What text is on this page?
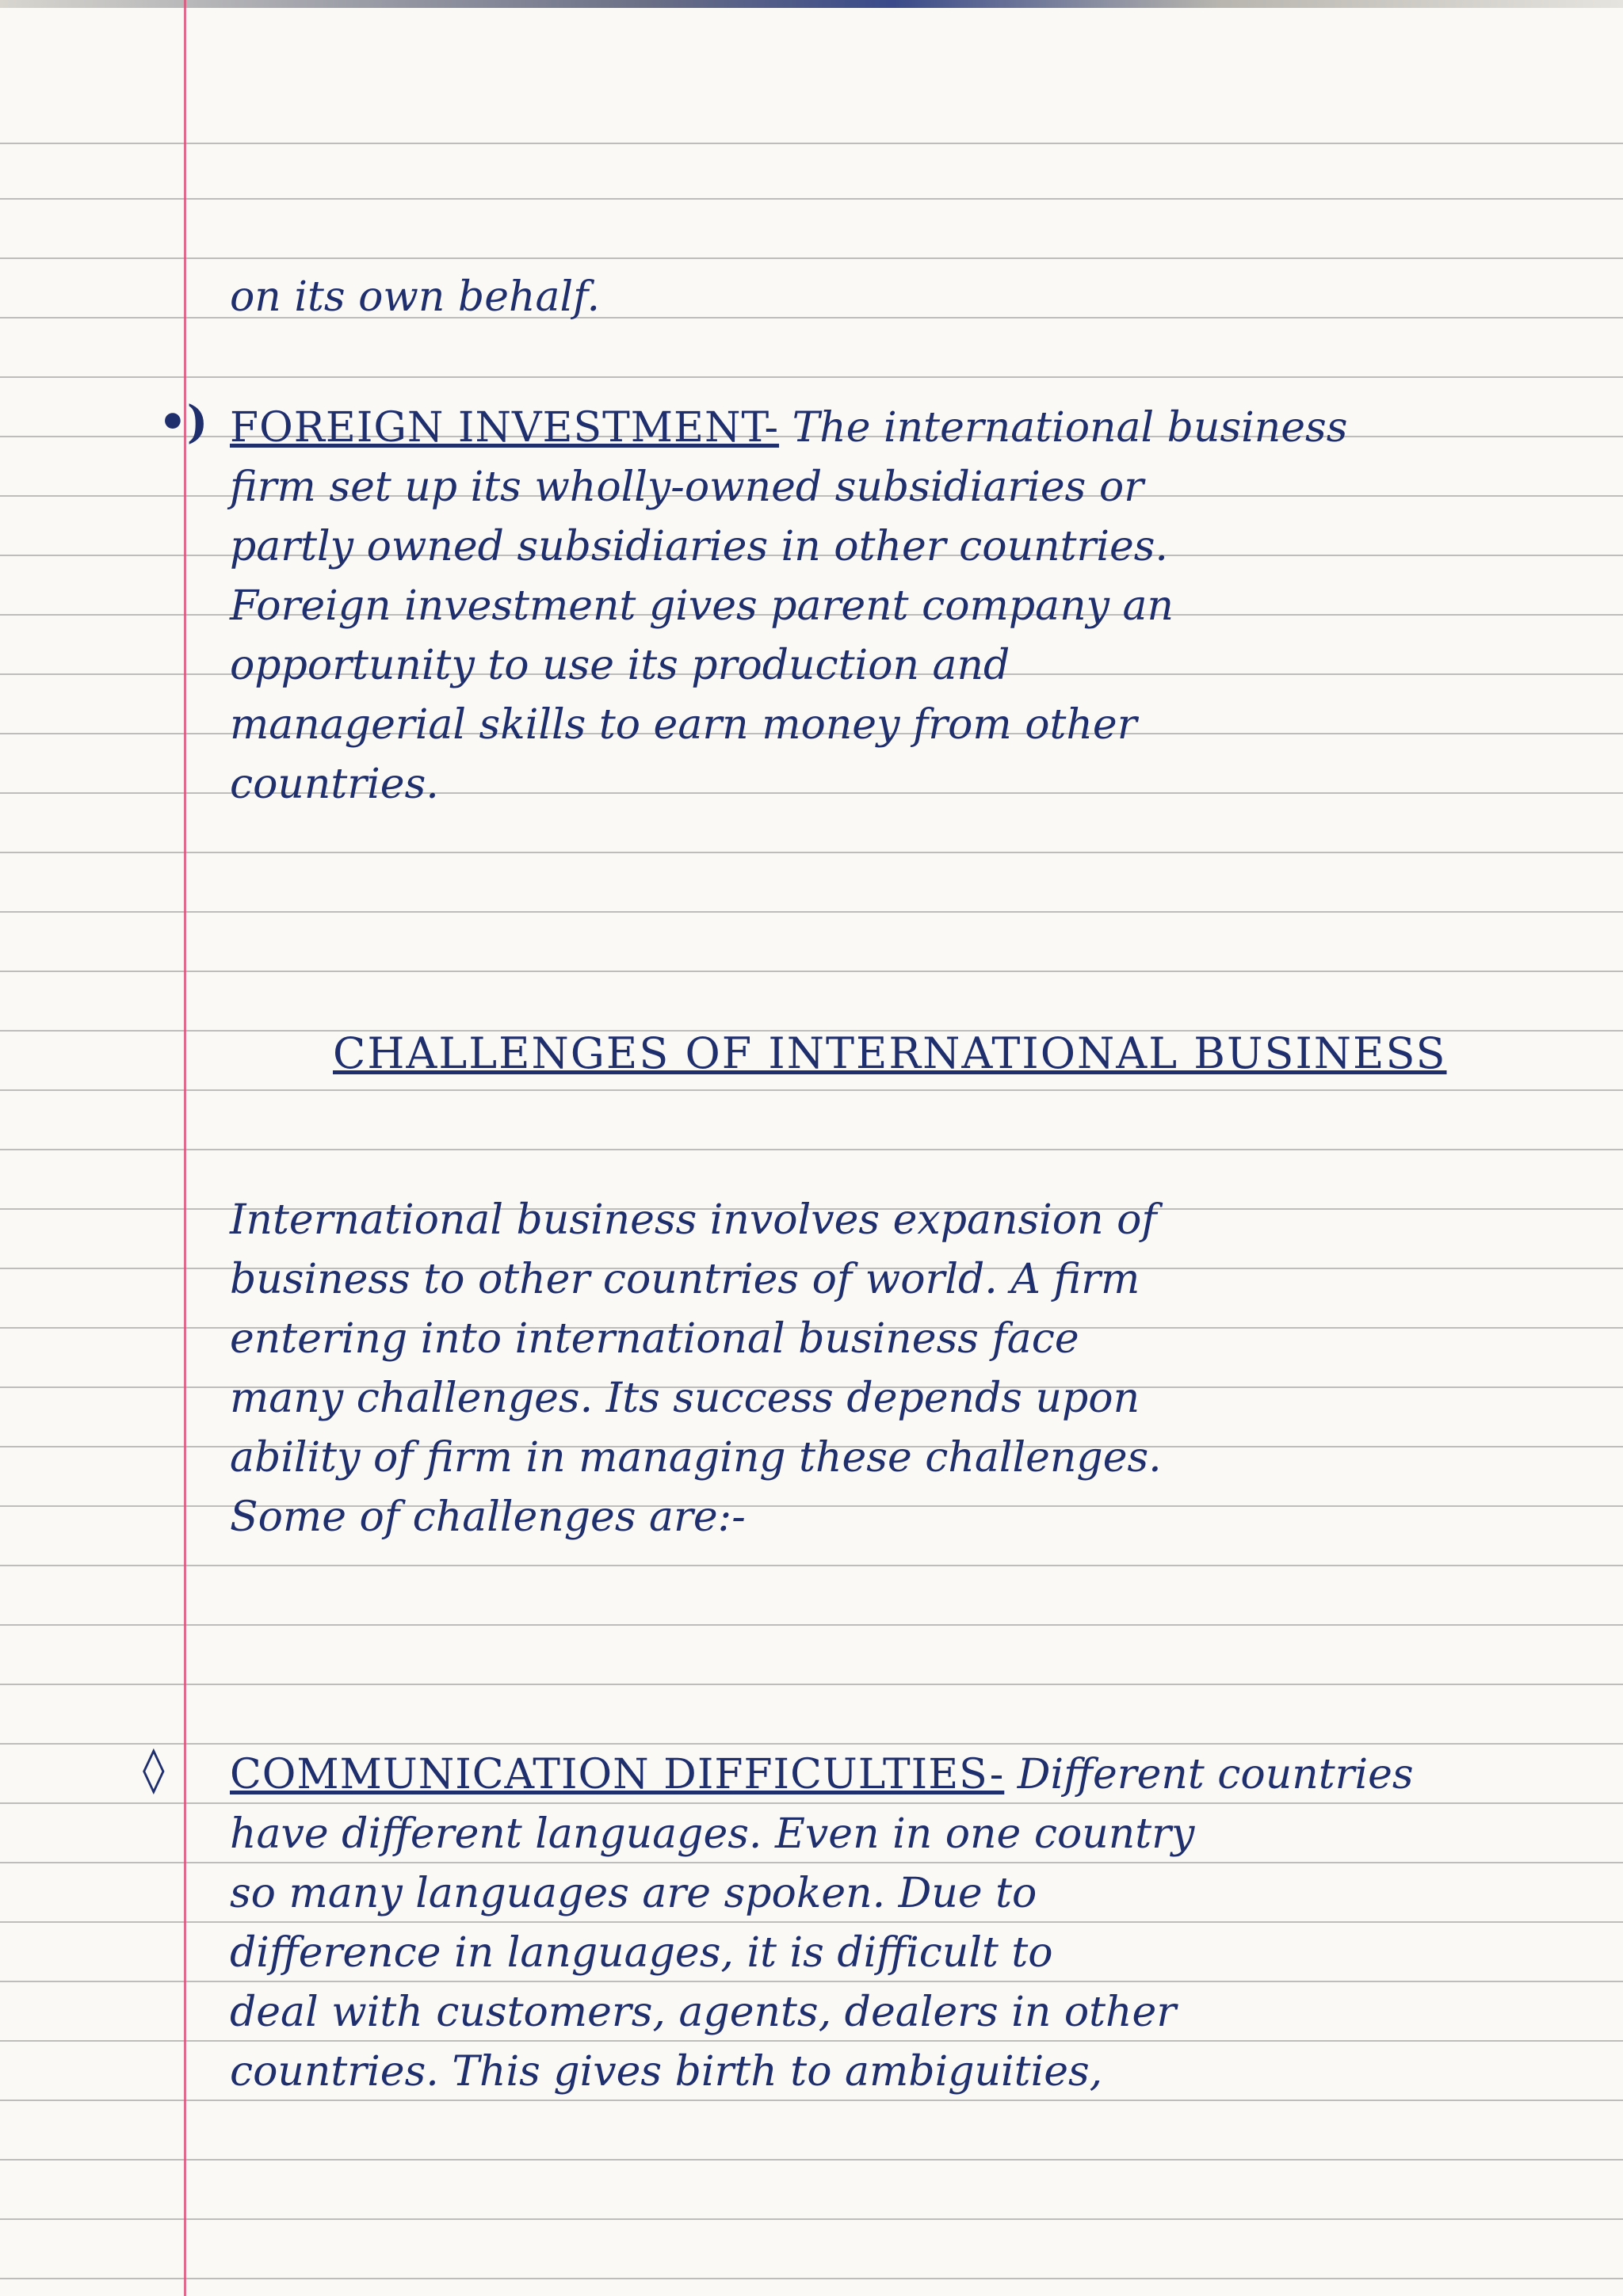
on its own behalf.
•) FOREIGN INVESTMENT- The international business
firm set up its wholly-owned subsidiaries or
partly owned subsidiaries in other countries.
Foreign investment gives parent company an
opportunity to use its production and
managerial skills to earn money from other
countries.
CHALLENGES OF INTERNATIONAL BUSINESS
International business involves expansion of
business to other countries of world. A firm
entering into international business face
many challenges. Its success depends upon
ability of firm in managing these challenges.
Some of challenges are:-
◊ COMMUNICATION DIFFICULTIES- Different countries
have different languages. Even in one country
so many languages are spoken. Due to
difference in languages, it is difficult to
deal with customers, agents, dealers in other
countries. This gives birth to ambiguities,
